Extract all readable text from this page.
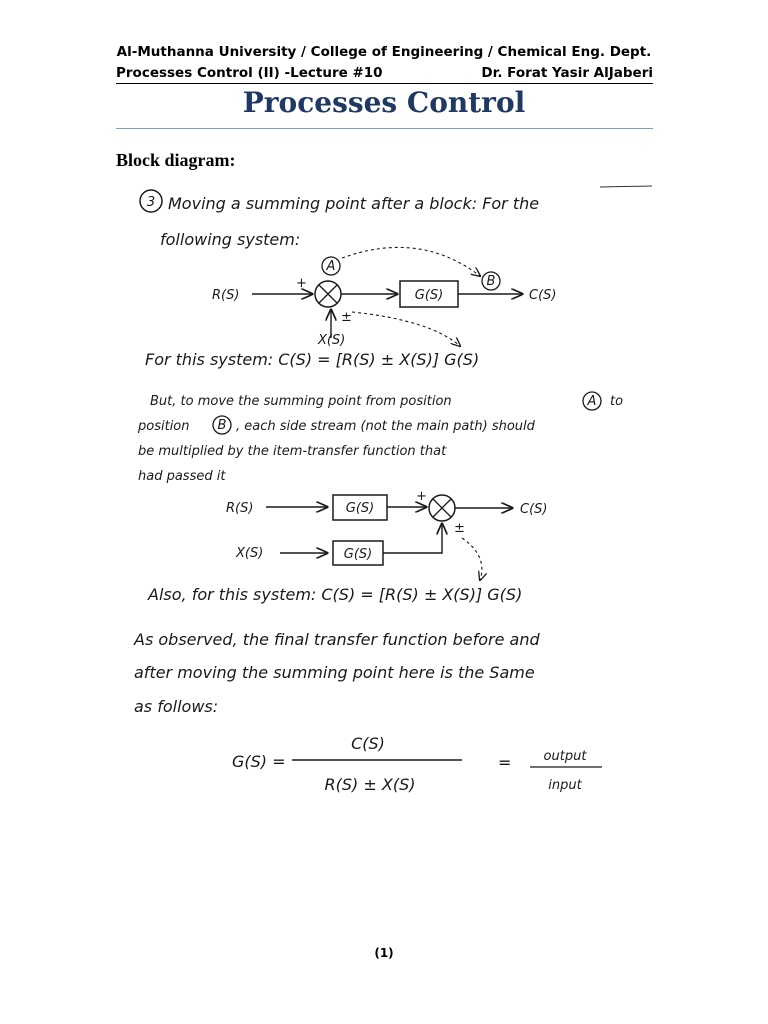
Al-Muthanna University / College of Engineering / Chemical Eng. Dept.
Processes Control (II) -Lecture #10	Dr. Forat Yasir AlJaberi
Processes Control
Block diagram:
3 Moving a summing point after a block: For the
following system:
R(S)
+
±
X(S)
A
G(S)	C(S)
B
For this system: C(S) = [R(S) ± X(S)] G(S)
But, to move the summing point from position	A to
position B , each side stream (not the main path) should
be multiplied by the item-transfer function that
had passed it
R(S)	G(S)
+
C(S)
X(S)	G(S)
±
Also, for this system: C(S) = [R(S) ± X(S)] G(S)
As observed, the final transfer function before and
after moving the summing point here is the Same
as follows:
G(S) =
C(S)
R(S) ± X(S)
= output
input
(1)
